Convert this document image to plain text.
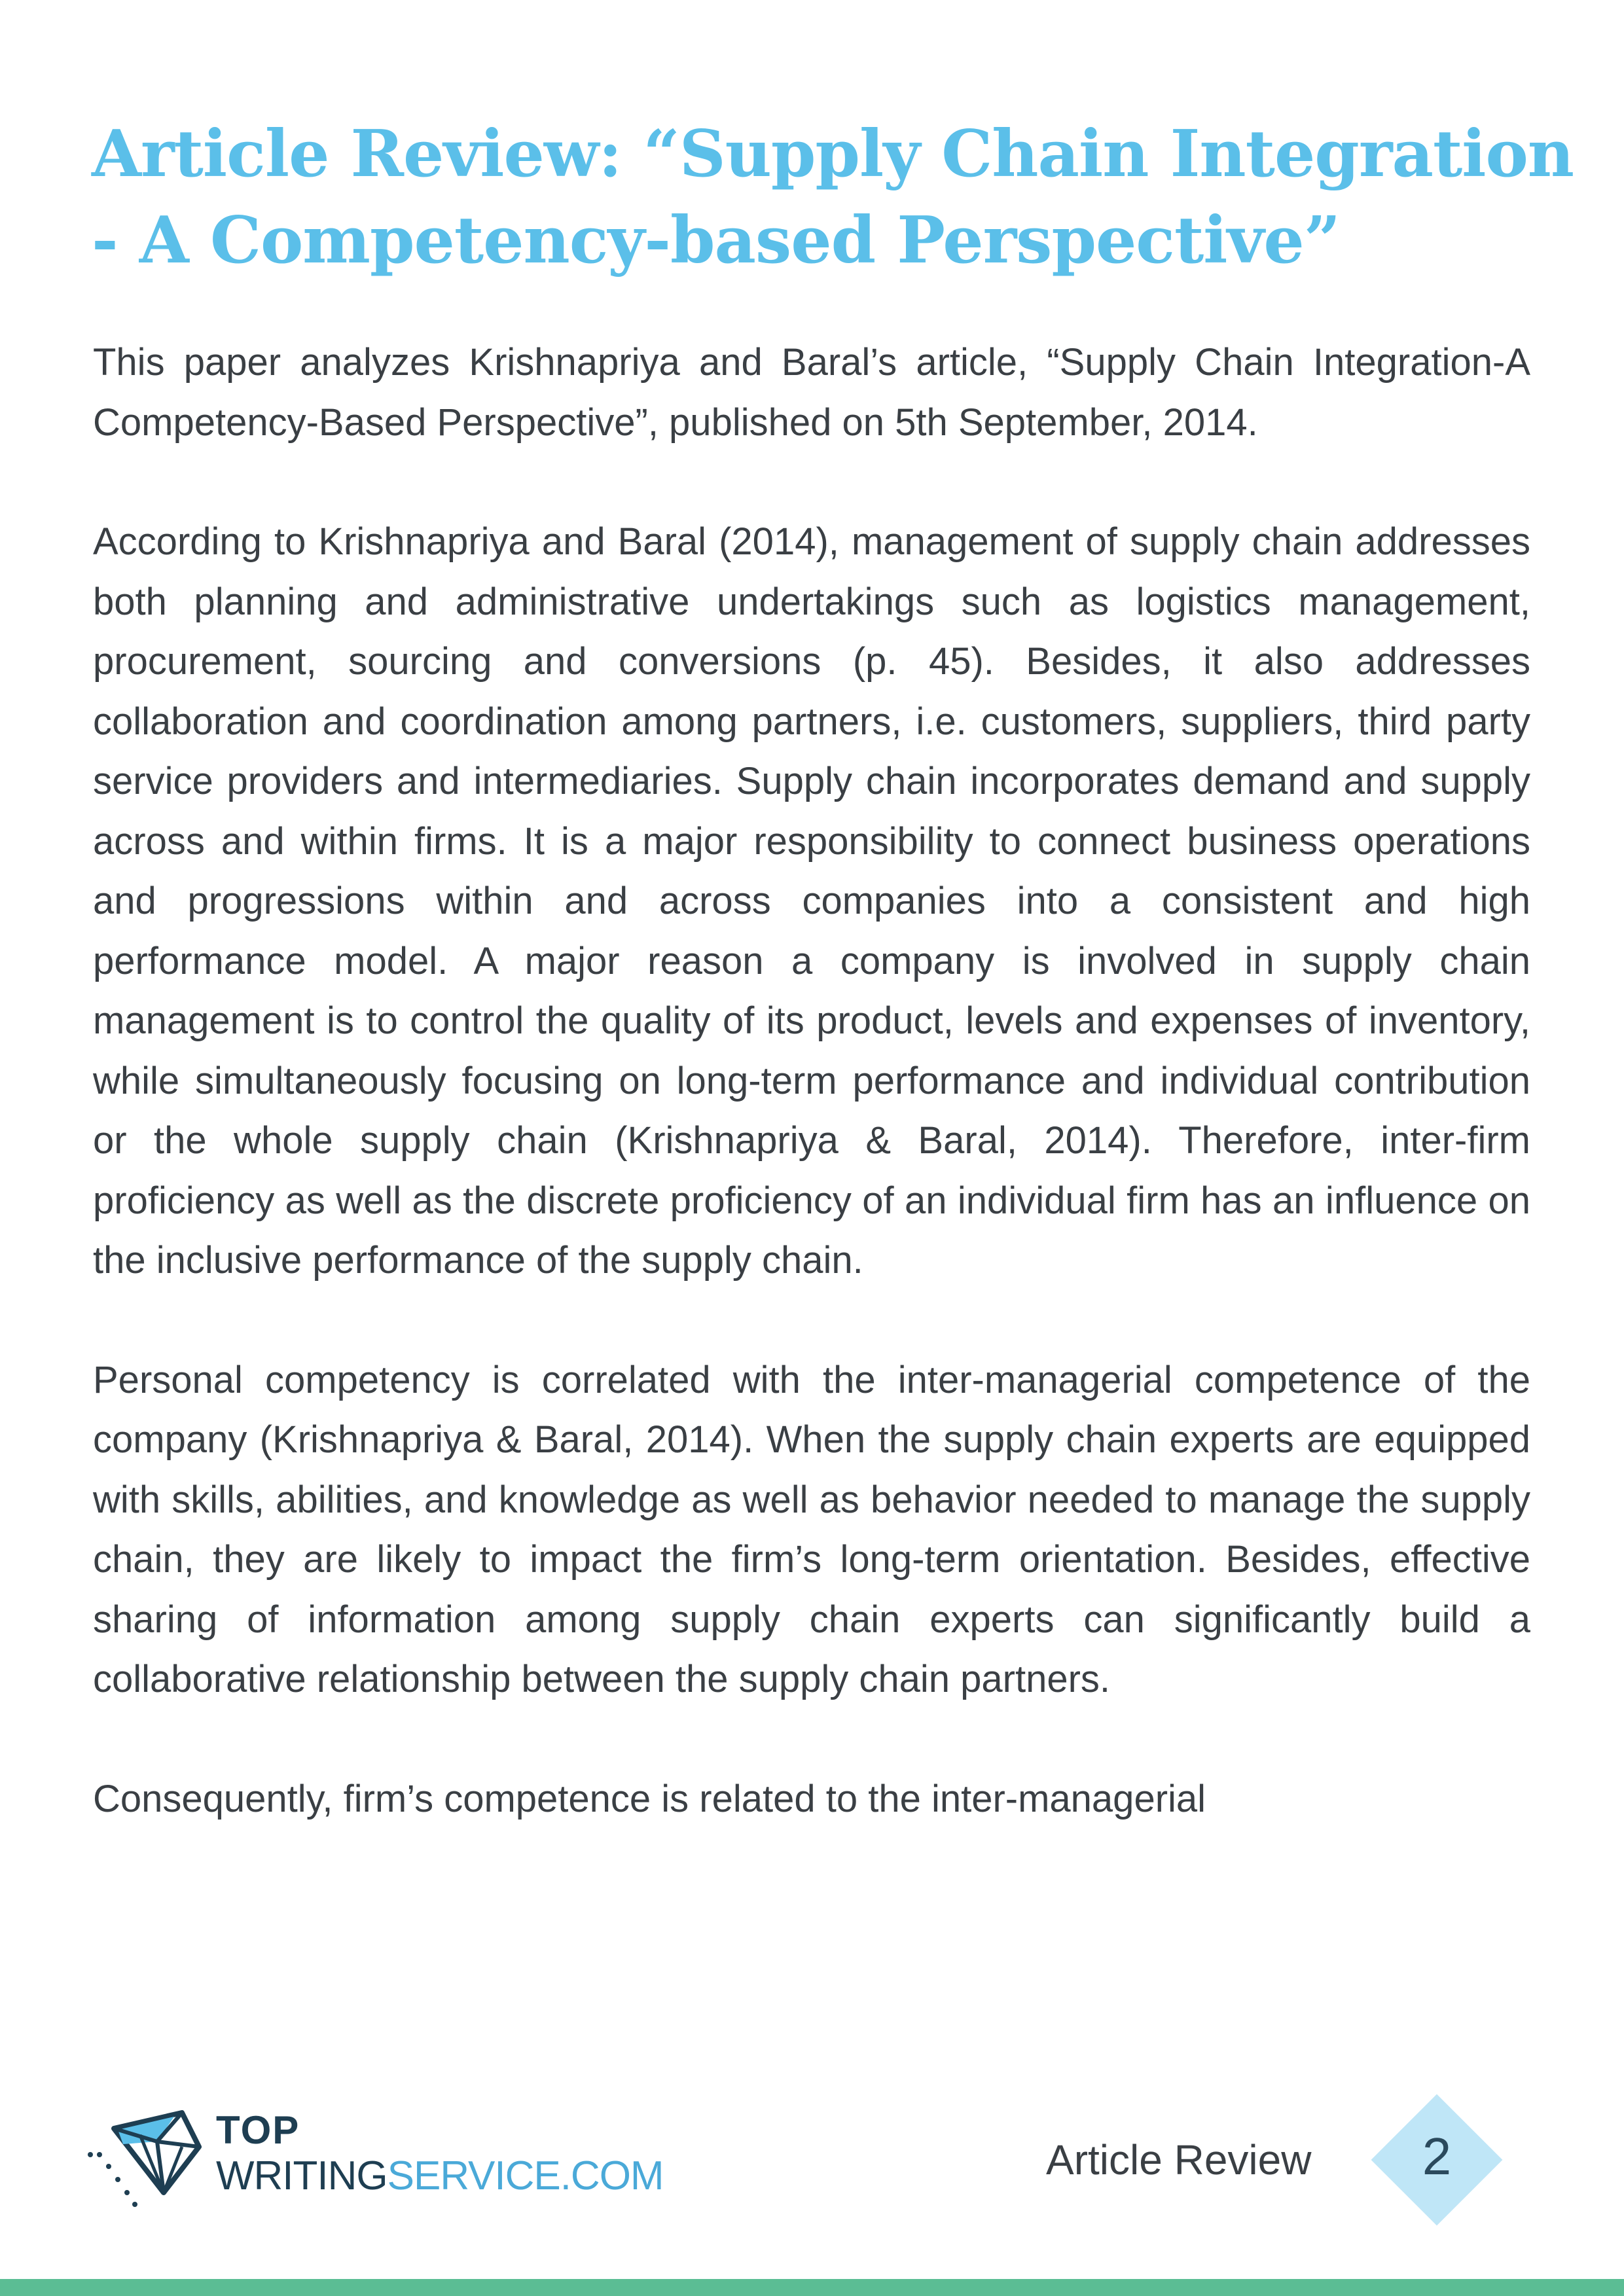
Article Review: “Supply Chain Integration
- A Competency-based Perspective”

This paper analyzes Krishnapriya and Baral’s article, “Supply Chain Integration-A Competency-Based Perspective”, published on 5th September, 2014.

According to Krishnapriya and Baral (2014), management of supply chain addresses both planning and administrative undertakings such as logistics management, procurement, sourcing and conversions (p. 45). Besides, it also addresses collaboration and coordination among partners, i.e. customers, suppliers, third party service providers and intermediaries. Supply chain incorporates demand and supply across and within firms. It is a major responsibility to connect business operations and progressions within and across companies into a consistent and high performance model. A major reason a company is involved in supply chain management is to control the quality of its product, levels and expenses of inventory, while simultaneously focusing on long-term performance and individual contribution or the whole supply chain (Krishnapriya & Baral, 2014). Therefore, inter-firm proficiency as well as the discrete proficiency of an individual firm has an influence on the inclusive performance of the supply chain.

Personal competency is correlated with the inter-managerial competence of the company (Krishnapriya & Baral, 2014). When the supply chain experts are equipped with skills, abilities, and knowledge as well as behavior needed to manage the supply chain, they are likely to impact the firm’s long-term orientation. Besides, effective sharing of information among supply chain experts can significantly build a collaborative relationship between the supply chain partners.

Consequently, firm’s competence is related to the inter-managerial

TOP
WRITINGSERVICE.COM	Article Review	2
